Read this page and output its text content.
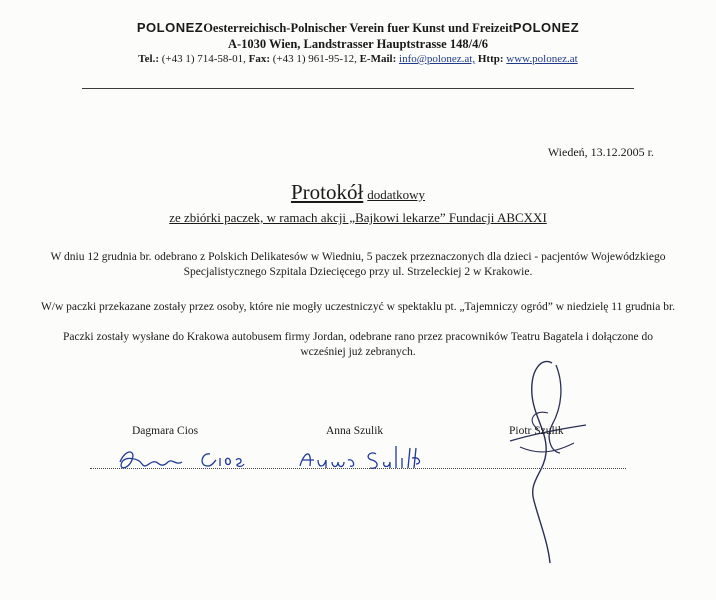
POLONEZOesterreichisch-Polnischer Verein fuer Kunst und FreizeitPOLONEZ
A-1030 Wien, Landstrasser Hauptstrasse 148/4/6
Tel.: (+43 1) 714-58-01, Fax: (+43 1) 961-95-12, E-Mail: info@polonez.at, Http: www.polonez.at
Wiedeń, 13.12.2005 r.
Protokół dodatkowy
ze zbiórki paczek, w ramach akcji „Bajkowi lekarze” Fundacji ABCXXI
W dniu 12 grudnia br. odebrano z Polskich Delikatesów w Wiedniu, 5 paczek przeznaczonych dla dzieci - pacjentów Wojewódzkiego Specjalistycznego Szpitala Dziecięcego przy ul. Strzeleckiej 2 w Krakowie.
W/w paczki przekazane zostały przez osoby, które nie mogły uczestniczyć w spektaklu pt. „Tajemniczy ogród” w niedzielę 11 grudnia br.
Paczki zostały wysłane do Krakowa autobusem firmy Jordan, odebrane rano przez pracowników Teatru Bagatela i dołączone do wcześniej już zebranych.
Dagmara Cios	Anna Szulik	Piotr Szulik
